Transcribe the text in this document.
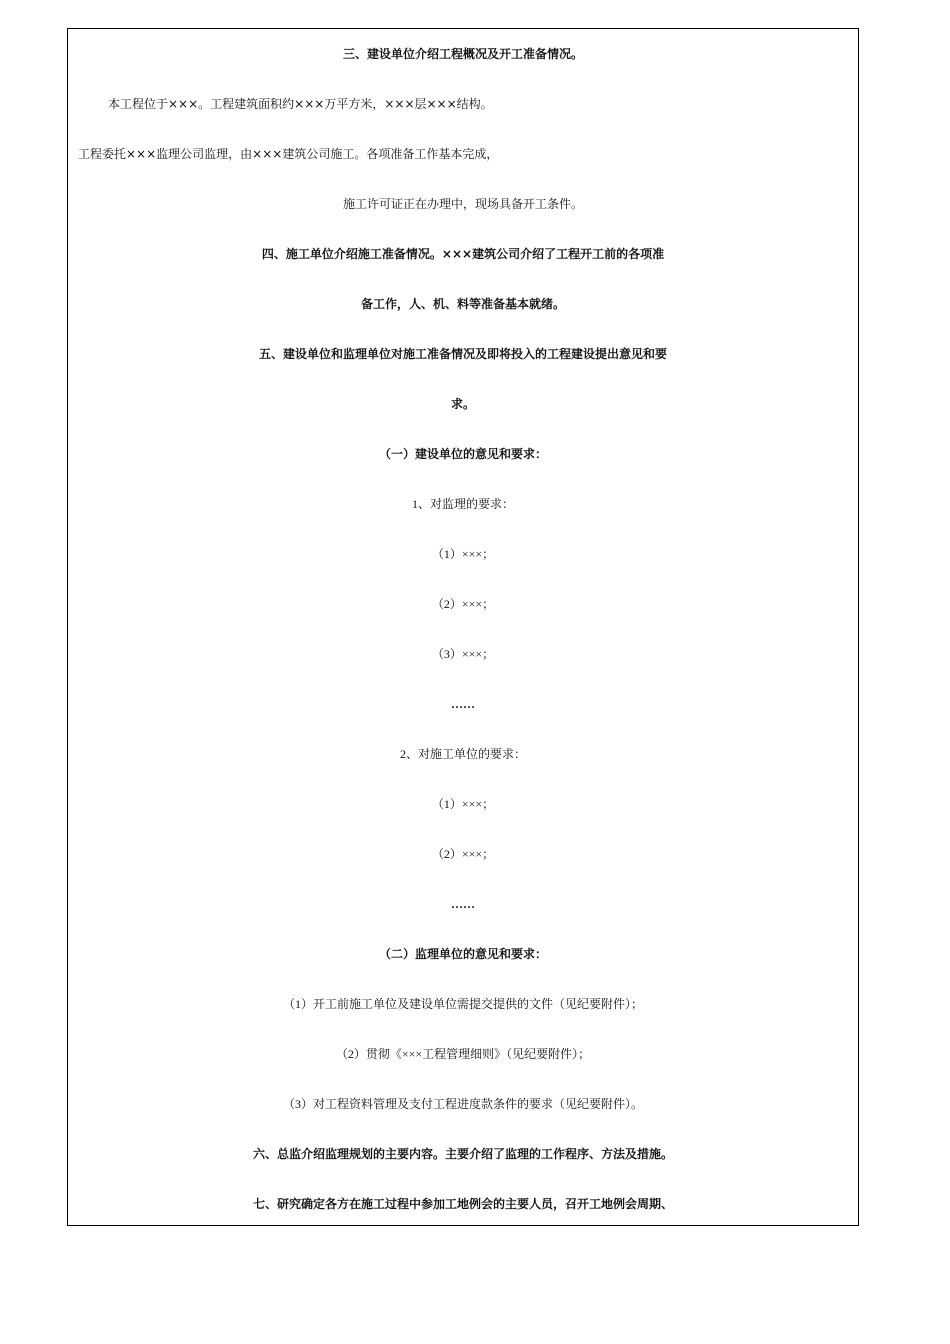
三、建设单位介绍工程概况及开工准备情况。
本工程位于×××。工程建筑面积约×××万平方米，×××层×××结构。
工程委托×××监理公司监理，由×××建筑公司施工。各项准备工作基本完成，
施工许可证正在办理中，现场具备开工条件。
四、施工单位介绍施工准备情况。×××建筑公司介绍了工程开工前的各项准
备工作，人、机、料等准备基本就绪。
五、建设单位和监理单位对施工准备情况及即将投入的工程建设提出意见和要
求。
（一）建设单位的意见和要求：
1、对监理的要求：
（1）×××；
（2）×××；
（3）×××；
……
2、对施工单位的要求：
（1）×××；
（2）×××；
……
（二）监理单位的意见和要求：
（1）开工前施工单位及建设单位需提交提供的文件（见纪要附件）；
（2）贯彻《×××工程管理细则》（见纪要附件）；
（3）对工程资料管理及支付工程进度款条件的要求（见纪要附件）。
六、总监介绍监理规划的主要内容。主要介绍了监理的工作程序、方法及措施。
七、研究确定各方在施工过程中参加工地例会的主要人员，召开工地例会周期、
